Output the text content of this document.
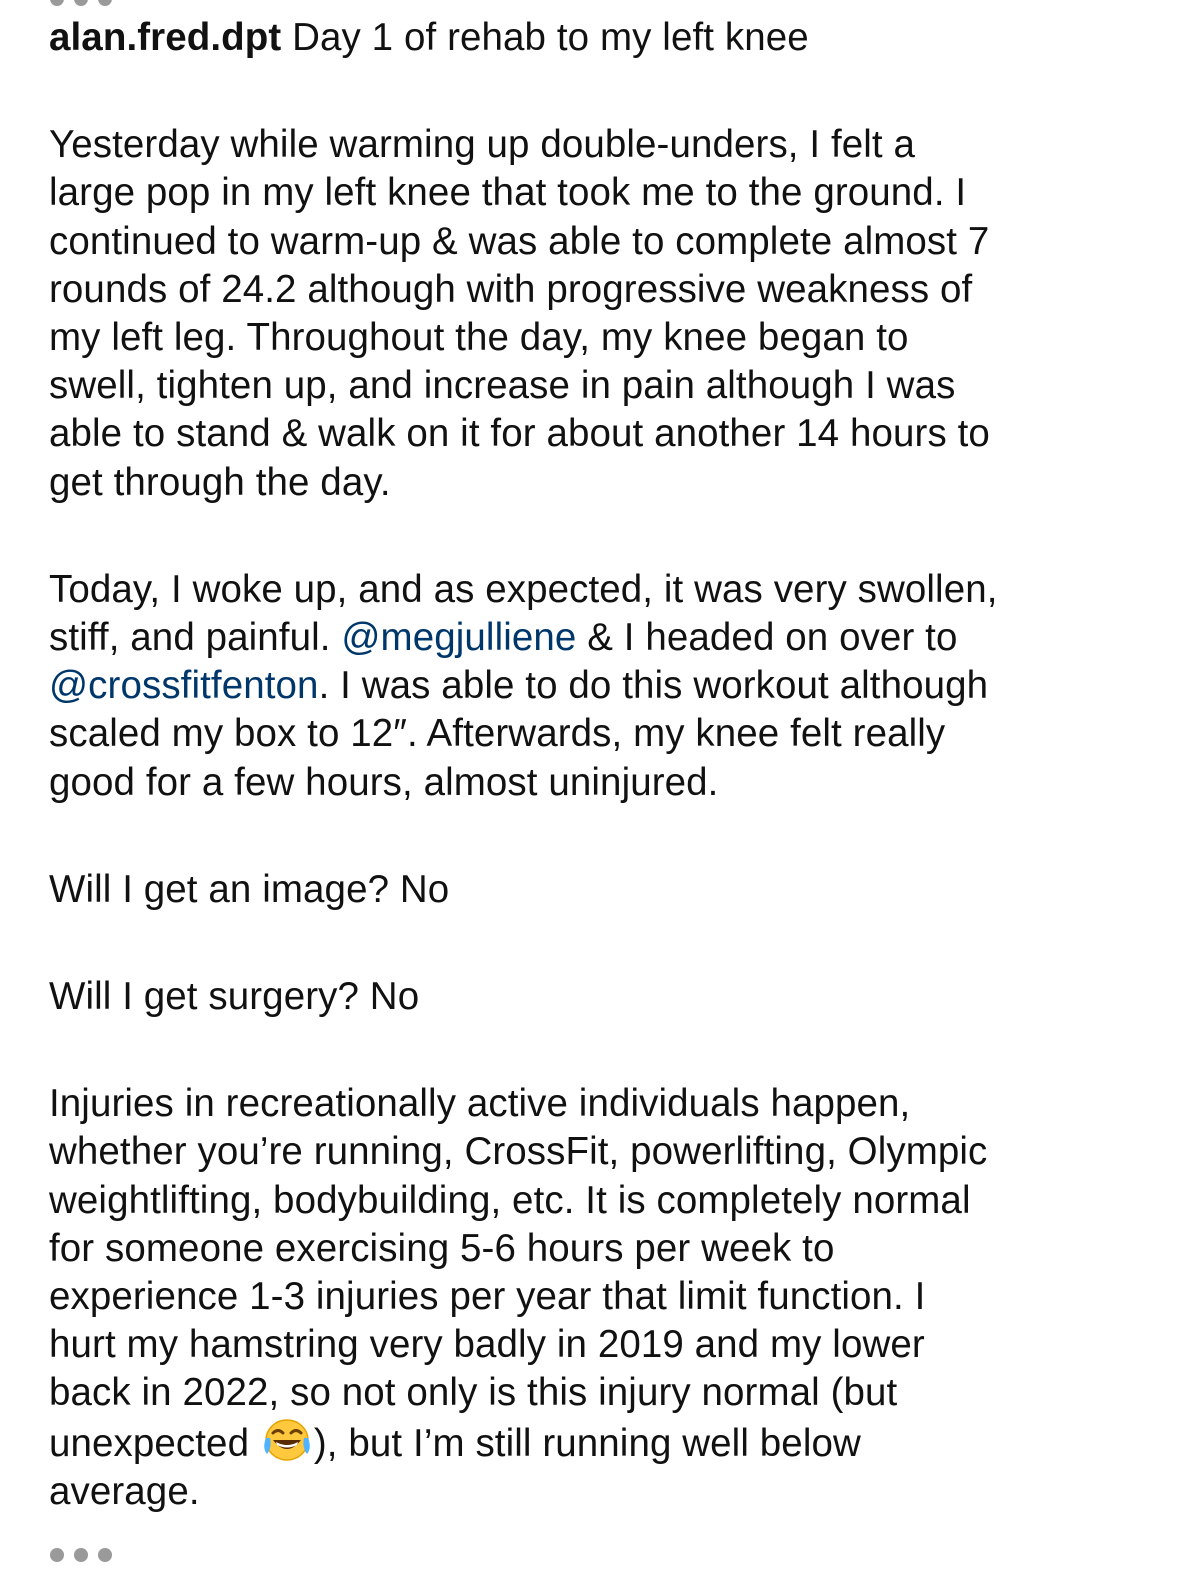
alan.fred.dpt Day 1 of rehab to my left knee

Yesterday while warming up double-unders, I felt a
large pop in my left knee that took me to the ground. I
continued to warm-up & was able to complete almost 7
rounds of 24.2 although with progressive weakness of
my left leg. Throughout the day, my knee began to
swell, tighten up, and increase in pain although I was
able to stand & walk on it for about another 14 hours to
get through the day.

Today, I woke up, and as expected, it was very swollen,
stiff, and painful. @megjulliene & I headed on over to
@crossfitfenton. I was able to do this workout although
scaled my box to 12″. Afterwards, my knee felt really
good for a few hours, almost uninjured.

Will I get an image? No

Will I get surgery? No

Injuries in recreationally active individuals happen,
whether you’re running, CrossFit, powerlifting, Olympic
weightlifting, bodybuilding, etc. It is completely normal
for someone exercising 5-6 hours per week to
experience 1-3 injuries per year that limit function. I
hurt my hamstring very badly in 2019 and my lower
back in 2022, so not only is this injury normal (but
unexpected ), but I’m still running well below
average.
